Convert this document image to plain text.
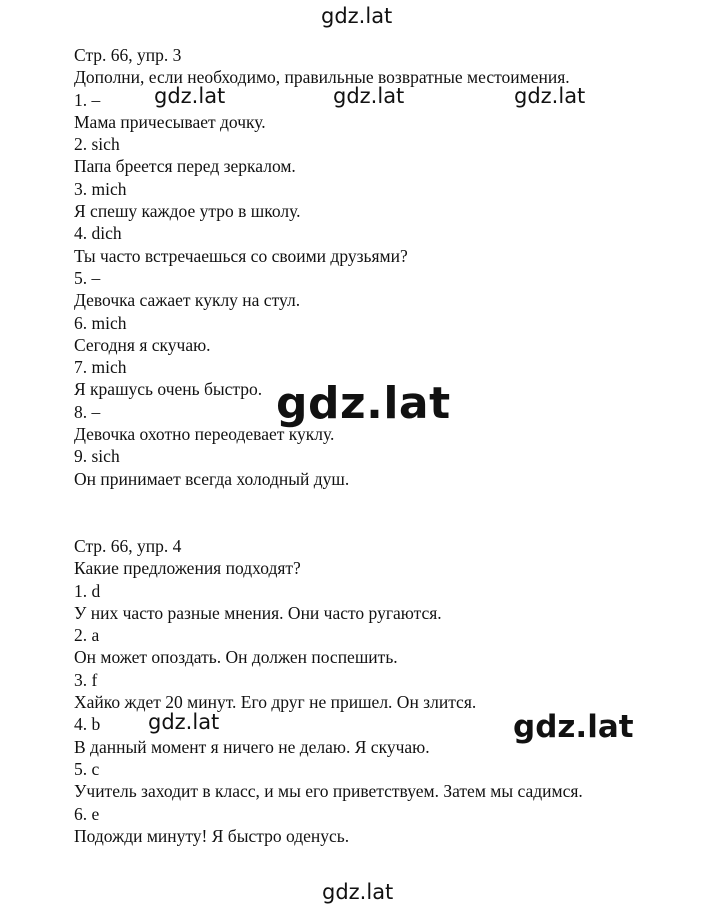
Стр. 66, упр. 3
Дополни, если необходимо, правильные возвратные местоимения.
1. –
Мама причесывает дочку.
2. sich
Папа бреется перед зеркалом.
3. mich
Я спешу каждое утро в школу.
4. dich
Ты часто встречаешься со своими друзьями?
5. –
Девочка сажает куклу на стул.
6. mich
Сегодня я скучаю.
7. mich
Я крашусь очень быстро.
8. –
Девочка охотно переодевает куклу.
9. sich
Он принимает всегда холодный душ.
Стр. 66, упр. 4
Какие предложения подходят?
1. d
У них часто разные мнения. Они часто ругаются.
2. a
Он может опоздать. Он должен поспешить.
3. f
Хайко ждет 20 минут. Его друг не пришел. Он злится.
4. b
В данный момент я ничего не делаю. Я скучаю.
5. c
Учитель заходит в класс, и мы его приветствуем. Затем мы садимся.
6. e
Подожди минуту! Я быстро оденусь.
gdz.lat
gdz.lat	gdz.lat	gdz.lat
gdz.lat
gdz.lat	gdz.lat
gdz.lat
